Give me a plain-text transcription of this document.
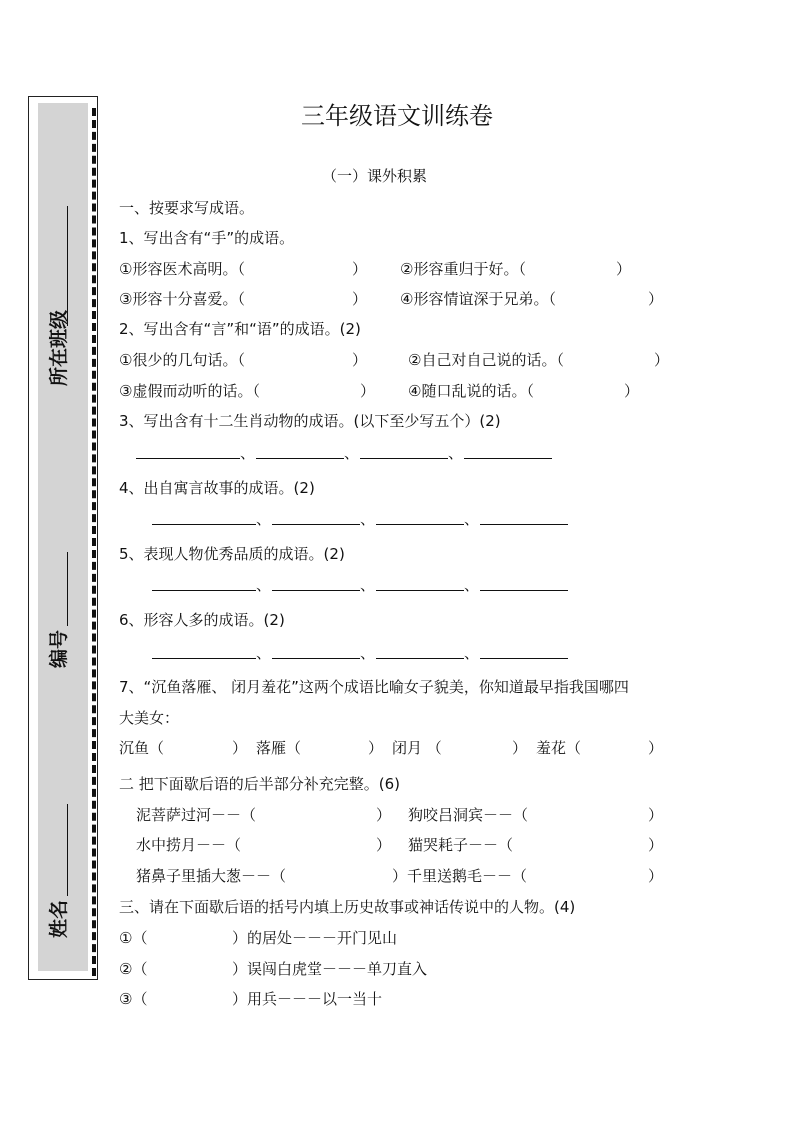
所在班级
编号
姓名
三年级语文训练卷
（一）课外积累
一、按要求写成语。
1、写出含有“手”的成语。
①形容医术高明。（	） ②形容重归于好。（	）
③形容十分喜爱。（	） ④形容情谊深于兄弟。（	）
2、写出含有“言”和“语”的成语。(2)
①很少的几句话。（	）	②自己对自己说的话。（	）
③虚假而动听的话。（	） ④随口乱说的话。（	）
3、写出含有十二生肖动物的成语。(以下至少写五个）(2)
、	、	、
4、出自寓言故事的成语。(2)
、	、	、
5、表现人物优秀品质的成语。(2)
、	、	、
6、形容人多的成语。(2)
、	、	、
7、“沉鱼落雁、 闭月羞花”这两个成语比喻女子貌美，你知道最早指我国哪四
大美女：
沉鱼（	） 落雁（	） 闭月 （	） 羞花（	）
二 把下面歇后语的后半部分补充完整。(6)
泥菩萨过河－－（	） 狗咬吕洞宾－－（	）
水中捞月－－（	） 猫哭耗子－－（	）
猪鼻子里插大葱－－（	）千里送鹅毛－－（	）
三、请在下面歇后语的括号内填上历史故事或神话传说中的人物。(4)
①（	）的居处－－－开门见山
②（	）误闯白虎堂－－－单刀直入
③（	）用兵－－－以一当十
